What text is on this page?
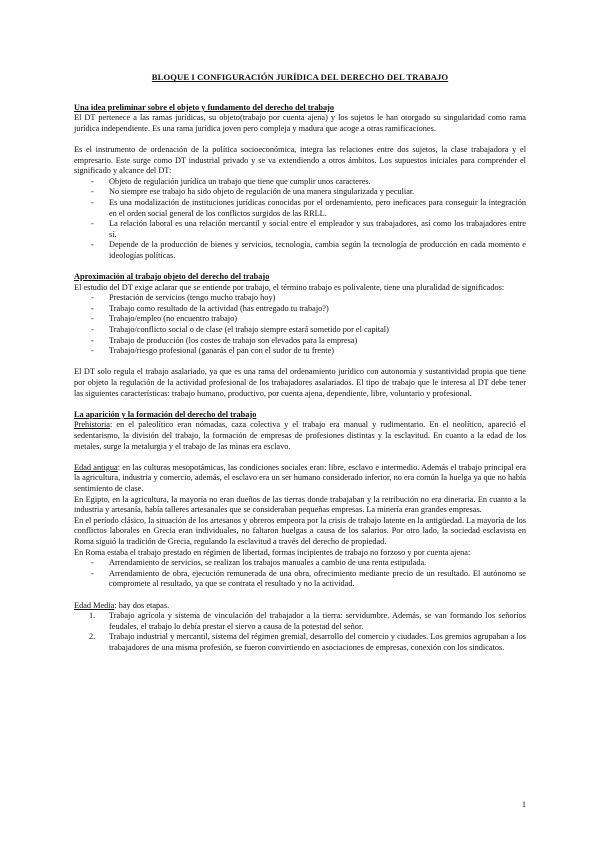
BLOQUE I CONFIGURACIÓN JURÍDICA DEL DERECHO DEL TRABAJO

Una idea preliminar sobre el objeto y fundamento del derecho del trabajo

El DT pertenece a las ramas jurídicas, su objeto(trabajo por cuenta ajena) y los sujetos le han otorgado su singularidad como rama jurídica independiente. Es una rama jurídica joven pero compleja y madura que acoge a otras ramificaciones.

Es el instrumento de ordenación de la política socioeconómica, integra las relaciones entre dos sujetos, la clase trabajadora y el empresario. Este surge como DT industrial privado y se va extendiendo a otros ámbitos. Los supuestos iniciales para comprender el significado y alcance del DT:

- Objeto de regulación jurídica un trabajo que tiene que cumplir unos caracteres.
- No siempre ese trabajo ha sido objeto de regulación de una manera singularizada y peculiar.
- Es una modalización de instituciones jurídicas conocidas por el ordenamiento, pero ineficaces para conseguir la integración en el orden social general de los conflictos surgidos de las RRLL.
- La relación laboral es una relación mercantil y social entre el empleador y sus trabajadores, así como los trabajadores entre sí.
- Depende de la producción de bienes y servicios, tecnología, cambia según la tecnología de producción en cada momento e ideologías políticas.

Aproximación al trabajo objeto del derecho del trabajo

El estudio del DT exige aclarar que se entiende por trabajo, el término trabajo es polivalente, tiene una pluralidad de significados:

- Prestación de servicios (tengo mucho trabajo hoy)
- Trabajo como resultado de la actividad (has entregado tu trabajo?)
- Trabajo/empleo (no encuentro trabajo)
- Trabajo/conflicto social o de clase (el trabajo siempre estará sometido por el capital)
- Trabajo de producción (los costes de trabajo son elevados para la empresa)
- Trabajo/riesgo profesional (ganarás el pan con el sudor de tu frente)

El DT solo regula el trabajo asalariado, ya que es una rama del ordenamiento jurídico con autonomía y sustantividad propia que tiene por objeto la regulación de la actividad profesional de los trabajadores asalariados. El tipo de trabajo que le interesa al DT debe tener las siguientes características: trabajo humano, productivo, por cuenta ajena, dependiente, libre, voluntario y profesional.

La aparición y la formación del derecho del trabajo

Prehistoria: en el paleolítico eran nómadas, caza colectiva y el trabajo era manual y rudimentario. En el neolítico, apareció el sedentarismo, la división del trabajo, la formación de empresas de profesiones distintas y la esclavitud. En cuanto a la edad de los metales, surge la metalurgia y el trabajo de las minas era esclavo.

Edad antigua: en las culturas mesopotámicas, las condiciones sociales eran: libre, esclavo e intermedio. Además el trabajo principal era la agricultura, industria y comercio, además, el esclavo era un ser humano considerado inferior, no era común la huelga ya que no había sentimiento de clase.

En Egipto, en la agricultura, la mayoría no eran dueños de las tierras donde trabajaban y la retribución no era dineraria. En cuanto a la industria y artesanía, había talleres artesanales que se consideraban pequeñas empresas. La minería eran grandes empresas.

En el período clásico, la situación de los artesanos y obreros empeora por la crisis de trabajo latente en la antigüedad. La mayoría de los conflictos laborales en Grecia eran individuales, no faltaron huelgas a causa de los salarios. Por otro lado, la sociedad esclavista en Roma siguió la tradición de Grecia, regulando la esclavitud a través del derecho de propiedad.

En Roma estaba el trabajo prestado en régimen de libertad, formas incipientes de trabajo no forzoso y por cuenta ajena:

- Arrendamiento de servicios, se realizan los trabajos manuales a cambio de una renta estipulada.
- Arrendamiento de obra, ejecución remunerada de una obra, ofrecimiento mediante precio de un resultado. El autónomo se compromete al resultado, ya que se contrata el resultado y no la actividad.

Edad Media: hay dos etapas.

1. Trabajo agrícola y sistema de vinculación del trabajador a la tierra: servidumbre. Además, se van formando los señoríos feudales, el trabajo lo debía prestar el siervo a causa de la potestad del señor.
2. Trabajo industrial y mercantil, sistema del régimen gremial, desarrollo del comercio y ciudades. Los gremios agrupaban a los trabajadores de una misma profesión, se fueron convirtiendo en asociaciones de empresas, conexión con los sindicatos.
1
